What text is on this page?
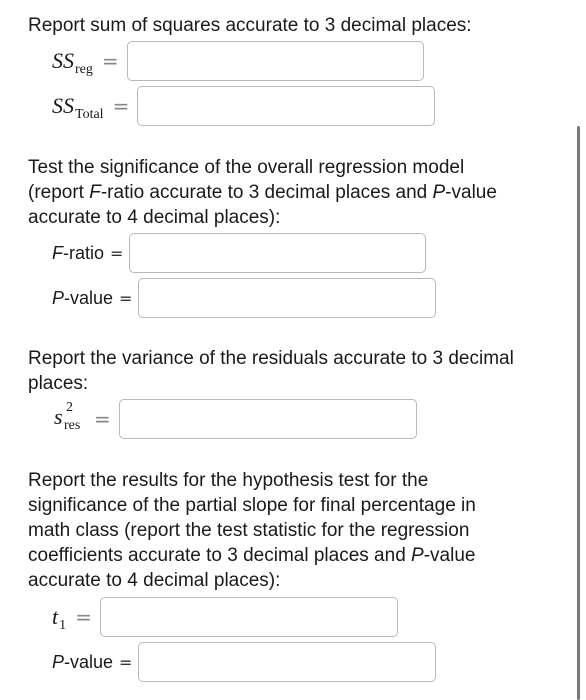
Report sum of squares accurate to 3 decimal places:
$SS_{reg}$ =
$SS_{Total}$ =
Test the significance of the overall regression model
(report F-ratio accurate to 3 decimal places and P-value
accurate to 4 decimal places):
F-ratio =
P-value =
Report the variance of the residuals accurate to 3 decimal
places:
s 2
res =
Report the results for the hypothesis test for the
significance of the partial slope for final percentage in
math class (report the test statistic for the regression
coefficients accurate to 3 decimal places and P-value
accurate to 4 decimal places):
$t_1$ =
P-value =
